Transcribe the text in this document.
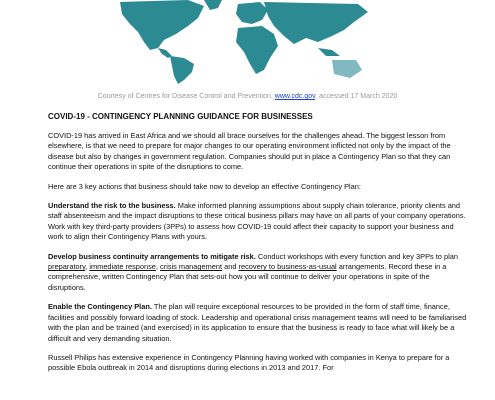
Courtesy of Centres for Disease Control and Prevention, www.cdc.gov, accessed 17 March 2020
COVID-19 - CONTINGENCY PLANNING GUIDANCE FOR BUSINESSES

COVID-19 has arrived in East Africa and we should all brace ourselves for the challenges ahead. The biggest lesson from elsewhere, is that we need to prepare for major changes to our operating environment inflicted not only by the impact of the disease but also by changes in government regulation. Companies should put in place a Contingency Plan so that they can continue their operations in spite of the disruptions to come.

Here are 3 key actions that business should take now to develop an effective Contingency Plan:

Understand the risk to the business. Make informed planning assumptions about supply chain tolerance, priority clients and staff absenteeism and the impact disruptions to these critical business pillars may have on all parts of your company operations. Work with key third-party providers (3PPs) to assess how COVID-19 could affect their capacity to support your business and work to align their Contingency Plans with yours.

Develop business continuity arrangements to mitigate risk. Conduct workshops with every function and key 3PPs to plan preparatory, immediate response, crisis management and recovery to business-as-usual arrangements. Record these in a comprehensive, written Contingency Plan that sets-out how you will continue to deliver your operations in spite of the disruptions.

Enable the Contingency Plan. The plan will require exceptional resources to be provided in the form of staff time, finance, facilities and possibly forward loading of stock. Leadership and operational crisis management teams will need to be familiarised with the plan and be trained (and exercised) in its application to ensure that the business is ready to face what will likely be a difficult and very demanding situation.

Russell Philips has extensive experience in Contingency Planning having worked with companies in Kenya to prepare for a possible Ebola outbreak in 2014 and disruptions during elections in 2013 and 2017. For
